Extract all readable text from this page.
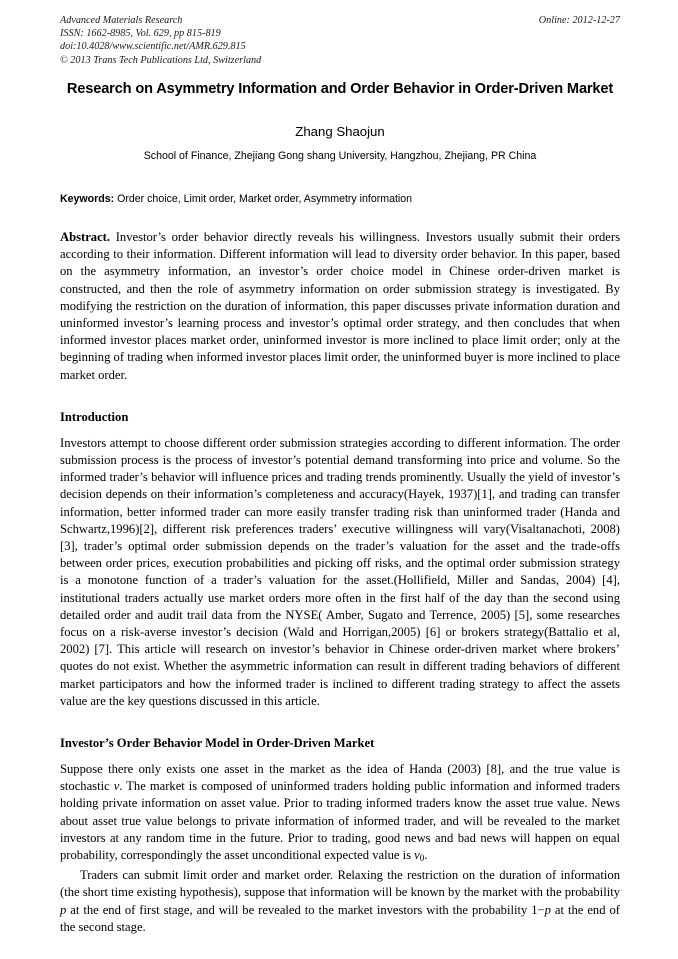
Advanced Materials Research
ISSN: 1662-8985, Vol. 629, pp 815-819
doi:10.4028/www.scientific.net/AMR.629.815
© 2013 Trans Tech Publications Ltd, Switzerland
Online: 2012-12-27
Research on Asymmetry Information and Order Behavior in Order-Driven Market
Zhang Shaojun
School of Finance, Zhejiang Gong shang University, Hangzhou, Zhejiang, PR China
Keywords: Order choice, Limit order, Market order, Asymmetry information

Abstract. Investor’s order behavior directly reveals his willingness. Investors usually submit their orders according to their information. Different information will lead to diversity order behavior. In this paper, based on the asymmetry information, an investor’s order choice model in Chinese order-driven market is constructed, and then the role of asymmetry information on order submission strategy is investigated. By modifying the restriction on the duration of information, this paper discusses private information duration and uninformed investor’s learning process and investor’s optimal order strategy, and then concludes that when informed investor places market order, uninformed investor is more inclined to place limit order; only at the beginning of trading when informed investor places limit order, the uninformed buyer is more inclined to place market order.

Introduction

Investors attempt to choose different order submission strategies according to different information. The order submission process is the process of investor’s potential demand transforming into price and volume. So the informed trader’s behavior will influence prices and trading trends prominently. Usually the yield of investor’s decision depends on their information’s completeness and accuracy(Hayek, 1937)[1], and trading can transfer information, better informed trader can more easily transfer trading risk than uninformed trader (Handa and Schwartz,1996)[2], different risk preferences traders’ executive willingness will vary(Visaltanachoti, 2008) [3], trader’s optimal order submission depends on the trader’s valuation for the asset and the trade-offs between order prices, execution probabilities and picking off risks, and the optimal order submission strategy is a monotone function of a trader’s valuation for the asset.(Hollifield, Miller and Sandas, 2004) [4], institutional traders actually use market orders more often in the first half of the day than the second using detailed order and audit trail data from the NYSE( Amber, Sugato and Terrence, 2005) [5], some researches focus on a risk-averse investor’s decision (Wald and Horrigan,2005) [6] or brokers strategy(Battalio et al, 2002) [7]. This article will research on investor’s behavior in Chinese order-driven market where brokers’ quotes do not exist. Whether the asymmetric information can result in different trading behaviors of different market participators and how the informed trader is inclined to different trading strategy to affect the assets value are the key questions discussed in this article.

Investor’s Order Behavior Model in Order-Driven Market

Suppose there only exists one asset in the market as the idea of Handa (2003) [8], and the true value is stochastic v. The market is composed of uninformed traders holding public information and informed traders holding private information on asset value. Prior to trading informed traders know the asset true value. News about asset true value belongs to private information of informed trader, and will be revealed to the market investors at any random time in the future. Prior to trading, good news and bad news will happen on equal probability, correspondingly the asset unconditional expected value is $v_0$.

Traders can submit limit order and market order. Relaxing the restriction on the duration of information (the short time existing hypothesis), suppose that information will be known by the market with the probability p at the end of first stage, and will be revealed to the market investors with the probability 1−p at the end of the second stage.
